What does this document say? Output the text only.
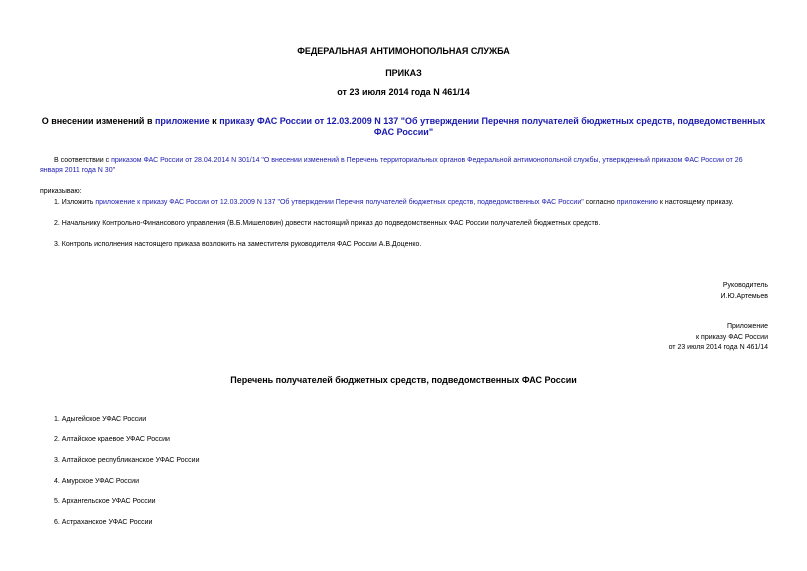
ФЕДЕРАЛЬНАЯ АНТИМОНОПОЛЬНАЯ СЛУЖБА
ПРИКАЗ
от 23 июля 2014 года N 461/14
О внесении изменений в приложение к приказу ФАС России от 12.03.2009 N 137 "Об утверждении Перечня получателей бюджетных средств, подведомственных
ФАС России"
В соответствии с приказом ФАС России от 28.04.2014 N 301/14 "О внесении изменений в Перечень территориальных органов Федеральной антимонопольной службы, утвержденный приказом ФАС России от 26
января 2011 года N 30"
приказываю:
1. Изложить приложение к приказу ФАС России от 12.03.2009 N 137 "Об утверждении Перечня получателей бюджетных средств, подведомственных ФАС России" согласно приложению к настоящему приказу.
2. Начальнику Контрольно-Финансового управления (В.Б.Мишеловин) довести настоящий приказ до подведомственных ФАС России получателей бюджетных средств.
3. Контроль исполнения настоящего приказа возложить на заместителя руководителя ФАС России А.В.Доценко.
Руководитель
И.Ю.Артемьев
Приложение
к приказу ФАС России
от 23 июля 2014 года N 461/14
Перечень получателей бюджетных средств, подведомственных ФАС России
1. Адыгейское УФАС России
2. Алтайское краевое УФАС России
3. Алтайское республиканское УФАС России
4. Амурское УФАС России
5. Архангельское УФАС России
6. Астраханское УФАС России
